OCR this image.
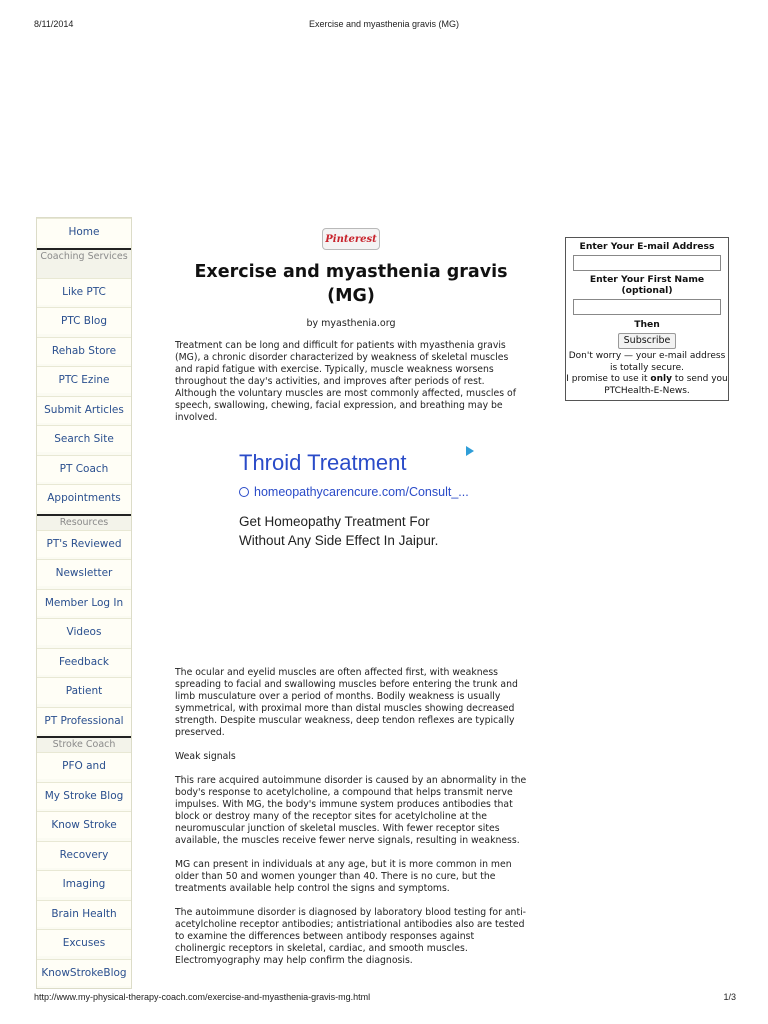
8/11/2014	Exercise and myasthenia gravis (MG)
Home
Coaching Services
Like PTC
PTC Blog
Rehab Store
PTC Ezine
Submit Articles
Search Site
PT Coach
Appointments
Resources
PT's Reviewed
Newsletter
Member Log In
Videos
Feedback
Patient
PT Professional
Stroke Coach
PFO and
My Stroke Blog
Know Stroke
Recovery
Imaging
Brain Health
Excuses
KnowStrokeBlog
Pinterest
Exercise and myasthenia gravis (MG)
by myasthenia.org

Treatment can be long and difficult for patients with myasthenia gravis (MG), a chronic disorder characterized by weakness of skeletal muscles and rapid fatigue with exercise. Typically, muscle weakness worsens throughout the day's activities, and improves after periods of rest. Although the voluntary muscles are most commonly affected, muscles of speech, swallowing, chewing, facial expression, and breathing may be involved.

The ocular and eyelid muscles are often affected first, with weakness spreading to facial and swallowing muscles before entering the trunk and limb musculature over a period of months. Bodily weakness is usually symmetrical, with proximal more than distal muscles showing decreased strength. Despite muscular weakness, deep tendon reflexes are typically preserved.

Weak signals

This rare acquired autoimmune disorder is caused by an abnormality in the body's response to acetylcholine, a compound that helps transmit nerve impulses. With MG, the body's immune system produces antibodies that block or destroy many of the receptor sites for acetylcholine at the neuromuscular junction of skeletal muscles. With fewer receptor sites available, the muscles receive fewer nerve signals, resulting in weakness.

MG can present in individuals at any age, but it is more common in men older than 50 and women younger than 40. There is no cure, but the treatments available help control the signs and symptoms.

The autoimmune disorder is diagnosed by laboratory blood testing for anti-acetylcholine receptor antibodies; antistriational antibodies also are tested to examine the differences between antibody responses against cholinergic receptors in skeletal, cardiac, and smooth muscles. Electromyography may help confirm the diagnosis.

Throid Treatment
homeopathycarencure.com/Consult_...
Get Homeopathy Treatment For Without Any Side Effect In Jaipur.
Enter Your E-mail Address
Enter Your First Name (optional)
Then
Subscribe
Don't worry — your e-mail address is totally secure.
I promise to use it only to send you PTCHealth-E-News.
http://www.my-physical-therapy-coach.com/exercise-and-myasthenia-gravis-mg.html	1/3
